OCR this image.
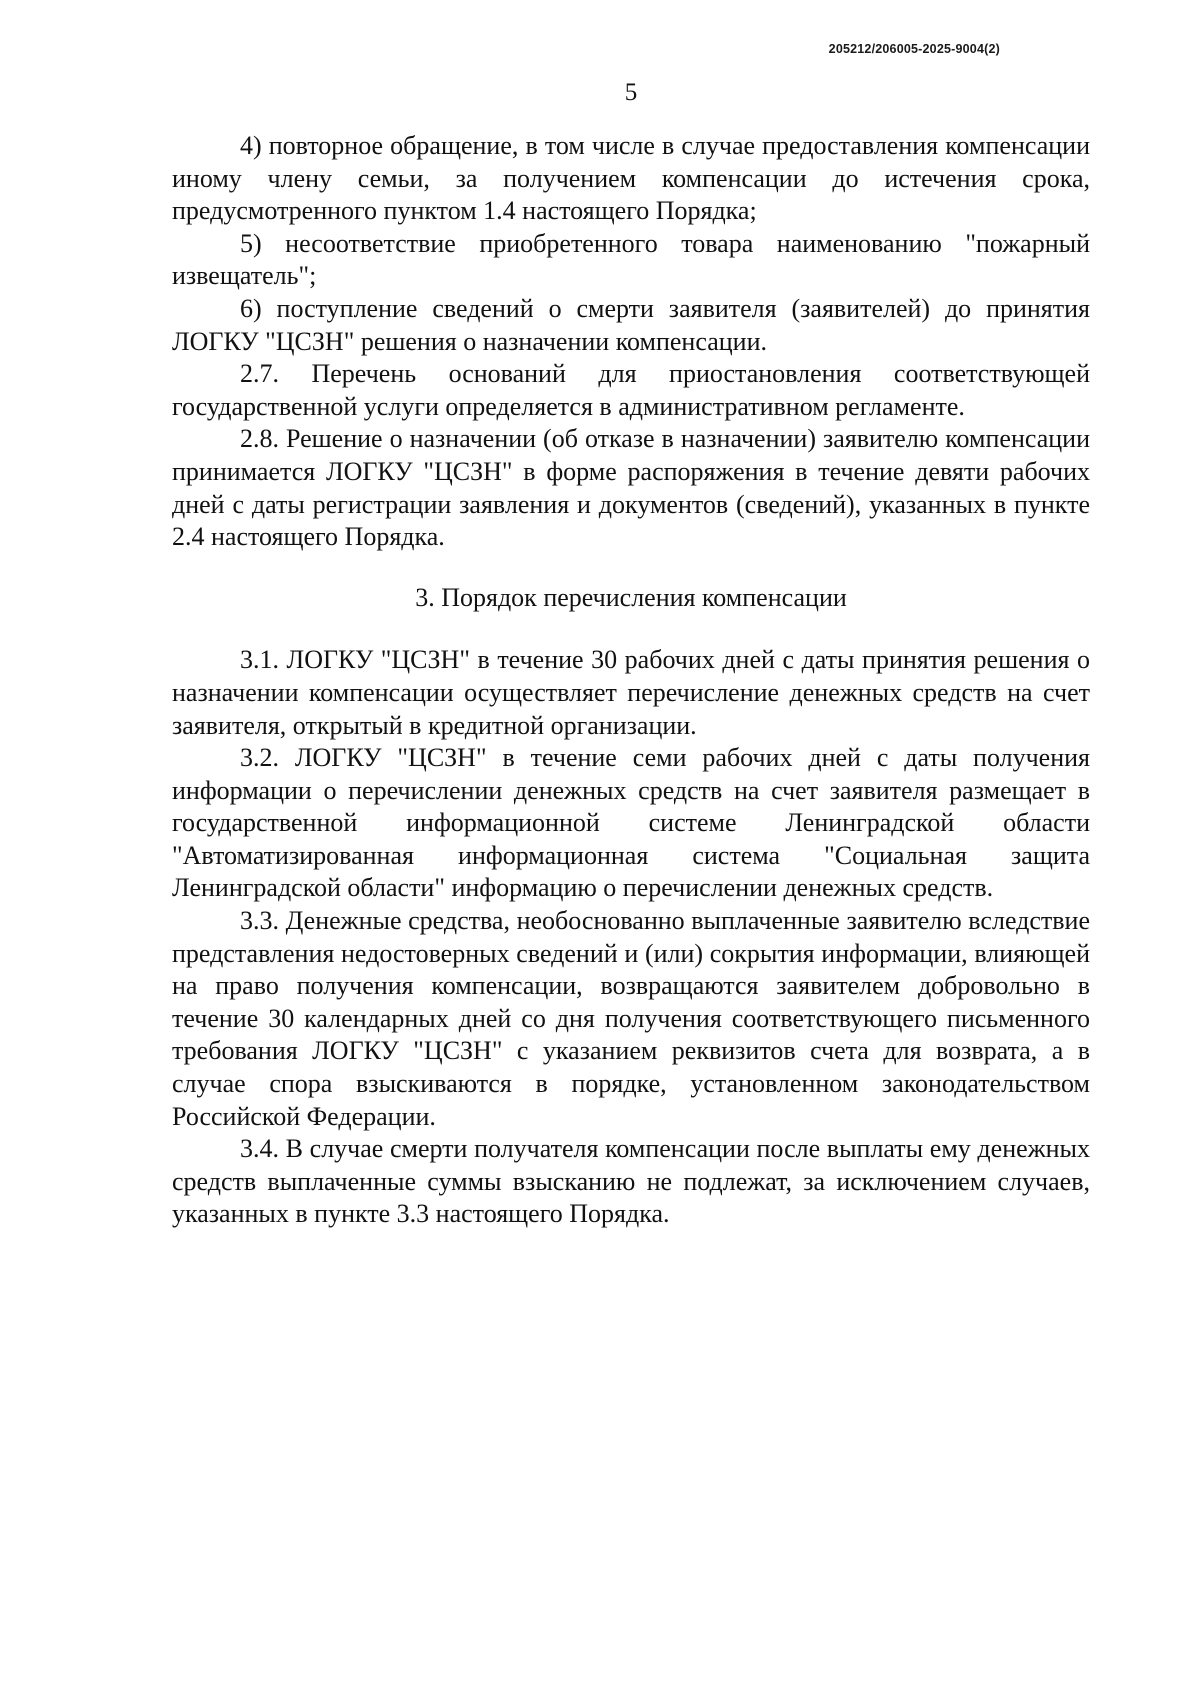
205212/206005-2025-9004(2)
5

4) повторное обращение, в том числе в случае предоставления компенсации иному члену семьи, за получением компенсации до истечения срока, предусмотренного пунктом 1.4 настоящего Порядка;

5) несоответствие приобретенного товара наименованию "пожарный извещатель";

6) поступление сведений о смерти заявителя (заявителей) до принятия ЛОГКУ "ЦСЗН" решения о назначении компенсации.

2.7. Перечень оснований для приостановления соответствующей государственной услуги определяется в административном регламенте.

2.8. Решение о назначении (об отказе в назначении) заявителю компенсации принимается ЛОГКУ "ЦСЗН" в форме распоряжения в течение девяти рабочих дней с даты регистрации заявления и документов (сведений), указанных в пункте 2.4 настоящего Порядка.

3. Порядок перечисления компенсации

3.1. ЛОГКУ "ЦСЗН" в течение 30 рабочих дней с даты принятия решения о назначении компенсации осуществляет перечисление денежных средств на счет заявителя, открытый в кредитной организации.

3.2. ЛОГКУ "ЦСЗН" в течение семи рабочих дней с даты получения информации о перечислении денежных средств на счет заявителя размещает в государственной информационной системе Ленинградской области "Автоматизированная информационная система "Социальная защита Ленинградской области" информацию о перечислении денежных средств.

3.3. Денежные средства, необоснованно выплаченные заявителю вследствие представления недостоверных сведений и (или) сокрытия информации, влияющей на право получения компенсации, возвращаются заявителем добровольно в течение 30 календарных дней со дня получения соответствующего письменного требования ЛОГКУ "ЦСЗН" с указанием реквизитов счета для возврата, а в случае спора взыскиваются в порядке, установленном законодательством Российской Федерации.

3.4. В случае смерти получателя компенсации после выплаты ему денежных средств выплаченные суммы взысканию не подлежат, за исключением случаев, указанных в пункте 3.3 настоящего Порядка.
